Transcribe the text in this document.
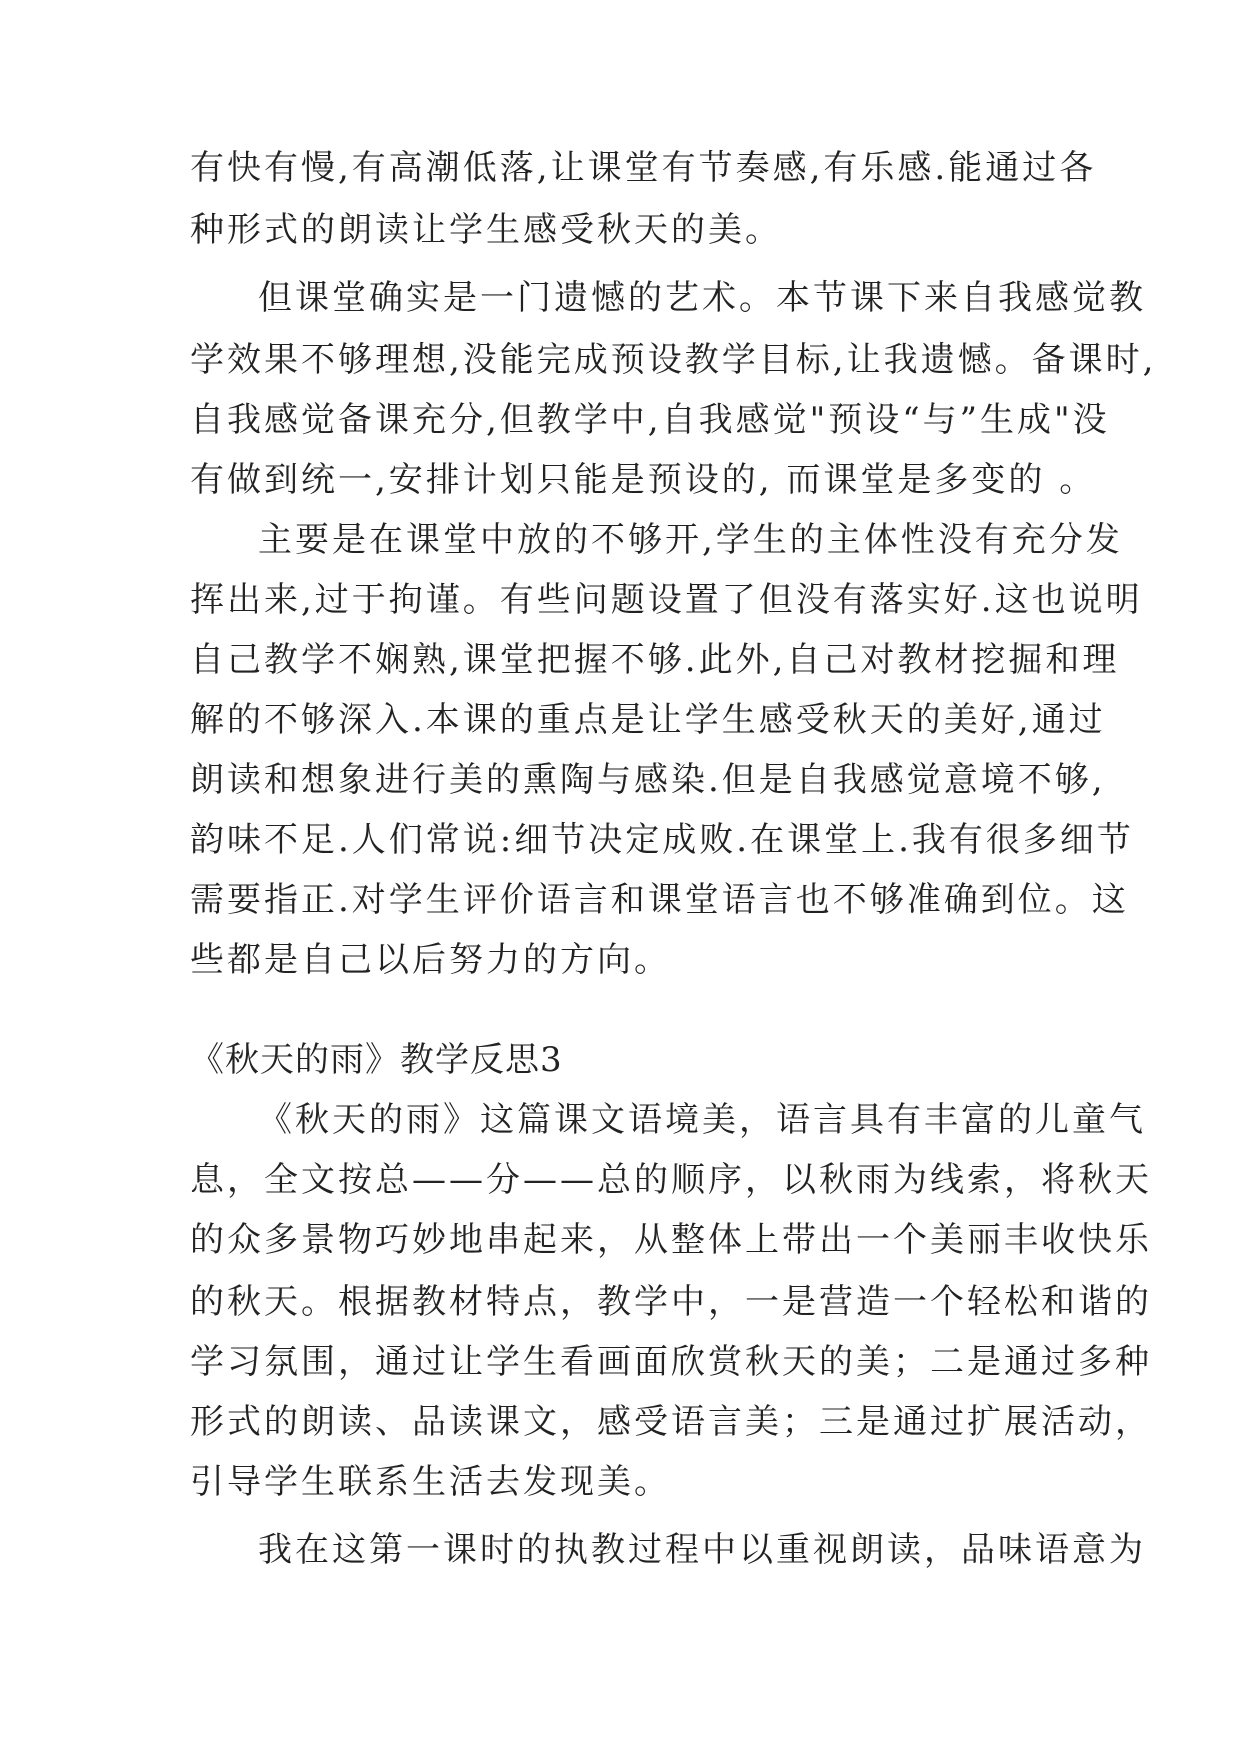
有快有慢,有高潮低落,让课堂有节奏感,有乐感.能通过各
种形式的朗读让学生感受秋天的美。
但课堂确实是一门遗憾的艺术。本节课下来自我感觉教
学效果不够理想,没能完成预设教学目标,让我遗憾。备课时,
自我感觉备课充分,但教学中,自我感觉"预设“与”生成"没
有做到统一,安排计划只能是预设的, 而课堂是多变的 。
主要是在课堂中放的不够开,学生的主体性没有充分发
挥出来,过于拘谨。有些问题设置了但没有落实好.这也说明
自己教学不娴熟,课堂把握不够.此外,自己对教材挖掘和理
解的不够深入.本课的重点是让学生感受秋天的美好,通过
朗读和想象进行美的熏陶与感染.但是自我感觉意境不够,
韵味不足.人们常说:细节决定成败.在课堂上.我有很多细节
需要指正.对学生评价语言和课堂语言也不够准确到位。这
些都是自己以后努力的方向。
《秋天的雨》教学反思3
《秋天的雨》这篇课文语境美，语言具有丰富的儿童气
息，全文按总——分——总的顺序，以秋雨为线索，将秋天
的众多景物巧妙地串起来，从整体上带出一个美丽丰收快乐
的秋天。根据教材特点，教学中，一是营造一个轻松和谐的
学习氛围，通过让学生看画面欣赏秋天的美；二是通过多种
形式的朗读、品读课文，感受语言美；三是通过扩展活动，
引导学生联系生活去发现美。
我在这第一课时的执教过程中以重视朗读，品味语意为
